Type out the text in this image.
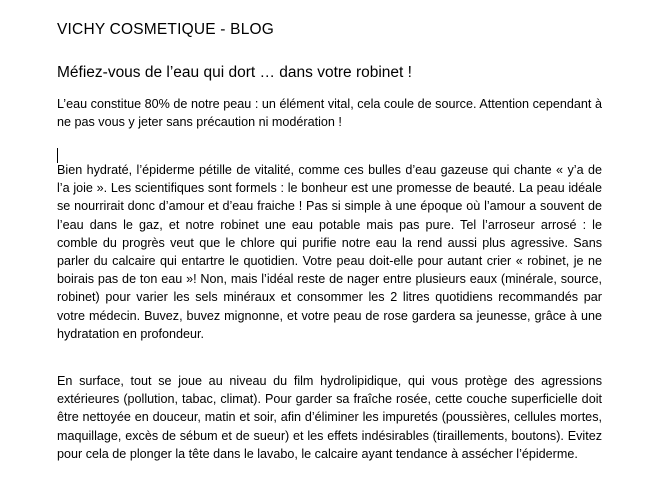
VICHY COSMETIQUE - BLOG
Méfiez-vous de l’eau qui dort … dans votre robinet !

L’eau constitue 80% de notre peau : un élément vital, cela coule de source. Attention cependant à ne pas vous y jeter sans précaution ni modération !

Bien hydraté, l’épiderme pétille de vitalité, comme ces bulles d’eau gazeuse qui chante « y’a de l’a joie ». Les scientifiques sont formels : le bonheur est une promesse de beauté. La peau idéale se nourrirait donc d’amour et d’eau fraiche ! Pas si simple à une époque où l’amour a souvent de l’eau dans le gaz, et notre robinet une eau potable mais pas pure. Tel l’arroseur arrosé : le comble du progrès veut que le chlore qui purifie notre eau la rend aussi plus agressive. Sans parler du calcaire qui entartre le quotidien. Votre peau doit-elle pour autant crier « robinet, je ne boirais pas de ton eau »! Non, mais l’idéal reste de nager entre plusieurs eaux (minérale, source, robinet) pour varier les sels minéraux et consommer les 2 litres quotidiens recommandés par votre médecin. Buvez, buvez mignonne, et votre peau de rose gardera sa jeunesse, grâce à une hydratation en profondeur.

En surface, tout se joue au niveau du film hydrolipidique, qui vous protège des agressions extérieures (pollution, tabac, climat). Pour garder sa fraîche rosée, cette couche superficielle doit être nettoyée en douceur, matin et soir, afin d’éliminer les impuretés (poussières, cellules mortes, maquillage, excès de sébum et de sueur) et les effets indésirables (tiraillements, boutons). Evitez pour cela de plonger la tête dans le lavabo, le calcaire ayant tendance à assécher l’épiderme.
